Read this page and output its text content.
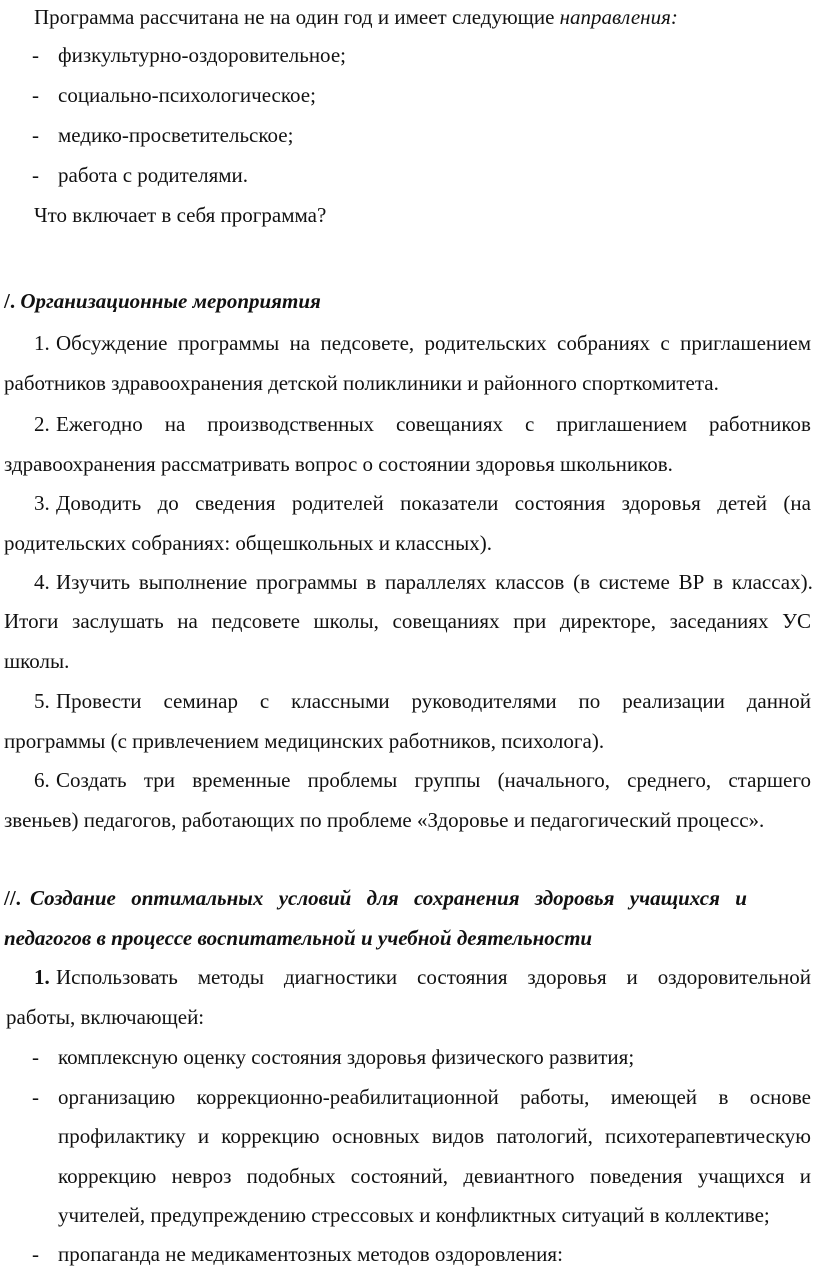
Программа рассчитана не на один год и имеет следующие направления:
- физкультурно-оздоровительное;
- социально-психологическое;
- медико-просветительское;
- работа с родителями.
Что включает в себя программа?
/. Организационные мероприятия
1. Обсуждение программы на педсовете, родительских собраниях с приглашением
работников здравоохранения детской поликлиники и районного спорткомитета.
2. Ежегодно на производственных совещаниях с приглашением работников
здравоохранения рассматривать вопрос о состоянии здоровья школьников.
3. Доводить до сведения родителей показатели состояния здоровья детей (на
родительских собраниях: общешкольных и классных).
4. Изучить выполнение программы в параллелях классов (в системе ВР в классах).
Итоги заслушать на педсовете школы, совещаниях при директоре, заседаниях УС
школы.
5. Провести семинар с классными руководителями по реализации данной
программы (с привлечением медицинских работников, психолога).
6. Создать три временные проблемы группы (начального, среднего, старшего
звеньев) педагогов, работающих по проблеме «Здоровье и педагогический процесс».
//. Создание оптимальных условий для сохранения здоровья учащихся и
педагогов в процессе воспитательной и учебной деятельности
1. Использовать методы диагностики состояния здоровья и оздоровительной
работы, включающей:
- комплексную оценку состояния здоровья физического развития;
- организацию коррекционно-реабилитационной работы, имеющей в основе
профилактику и коррекцию основных видов патологий, психотерапевтическую
коррекцию невроз подобных состояний, девиантного поведения учащихся и
учителей, предупреждению стрессовых и конфликтных ситуаций в коллективе;
- пропаганда не медикаментозных методов оздоровления:
